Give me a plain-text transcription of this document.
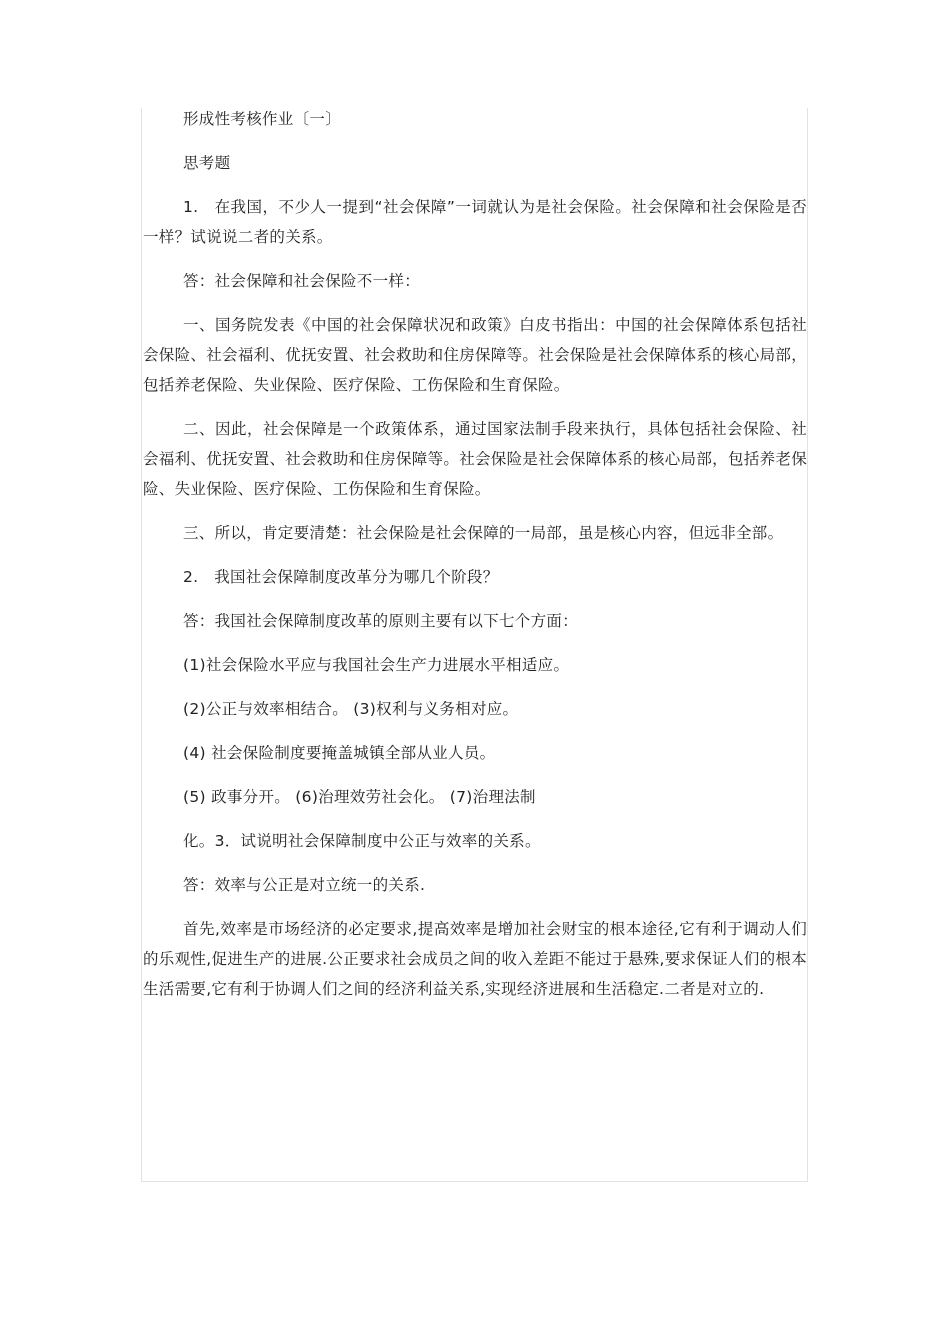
形成性考核作业〔一〕

思考题

1.　在我国，不少人一提到“社会保障”一词就认为是社会保险。社会保障和社会保险是否一样？试说说二者的关系。

答：社会保障和社会保险不一样：

一、国务院发表《中国的社会保障状况和政策》白皮书指出：中国的社会保障体系包括社会保险、社会福利、优抚安置、社会救助和住房保障等。社会保险是社会保障体系的核心局部，包括养老保险、失业保险、医疗保险、工伤保险和生育保险。

二、因此，社会保障是一个政策体系，通过国家法制手段来执行，具体包括社会保险、社会福利、优抚安置、社会救助和住房保障等。社会保险是社会保障体系的核心局部，包括养老保险、失业保险、医疗保险、工伤保险和生育保险。

三、所以，肯定要清楚：社会保险是社会保障的一局部，虽是核心内容，但远非全部。

2.　我国社会保障制度改革分为哪几个阶段？

答：我国社会保障制度改革的原则主要有以下七个方面：

(1)社会保险水平应与我国社会生产力进展水平相适应。

(2)公正与效率相结合。 (3)权利与义务相对应。

(4) 社会保险制度要掩盖城镇全部从业人员。

(5) 政事分开。 (6)治理效劳社会化。 (7)治理法制

化。3．试说明社会保障制度中公正与效率的关系。

答：效率与公正是对立统一的关系.

首先,效率是市场经济的必定要求,提高效率是增加社会财宝的根本途径,它有利于调动人们的乐观性,促进生产的进展.公正要求社会成员之间的收入差距不能过于悬殊,要求保证人们的根本生活需要,它有利于协调人们之间的经济利益关系,实现经济进展和生活稳定.二者是对立的.
